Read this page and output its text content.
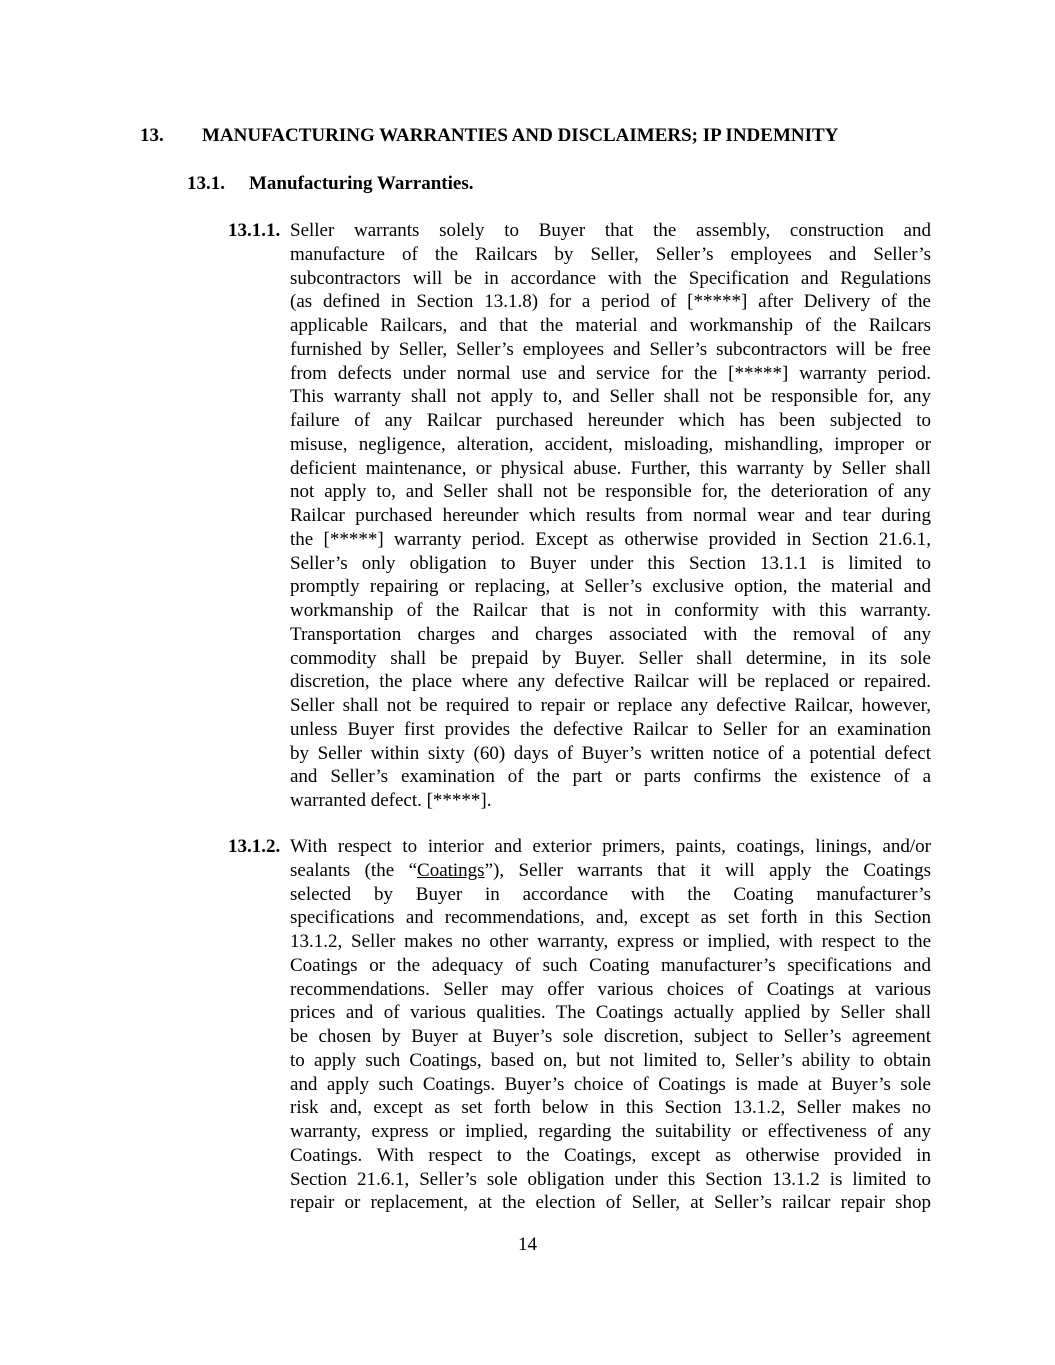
13. MANUFACTURING WARRANTIES AND DISCLAIMERS; IP INDEMNITY
13.1. Manufacturing Warranties.
13.1.1. Seller warrants solely to Buyer that the assembly, construction and
manufacture of the Railcars by Seller, Seller’s employees and Seller’s
subcontractors will be in accordance with the Specification and Regulations
(as defined in Section 13.1.8) for a period of [*****] after Delivery of the
applicable Railcars, and that the material and workmanship of the Railcars
furnished by Seller, Seller’s employees and Seller’s subcontractors will be free
from defects under normal use and service for the [*****] warranty period.
This warranty shall not apply to, and Seller shall not be responsible for, any
failure of any Railcar purchased hereunder which has been subjected to
misuse, negligence, alteration, accident, misloading, mishandling, improper or
deficient maintenance, or physical abuse. Further, this warranty by Seller shall
not apply to, and Seller shall not be responsible for, the deterioration of any
Railcar purchased hereunder which results from normal wear and tear during
the [*****] warranty period. Except as otherwise provided in Section 21.6.1,
Seller’s only obligation to Buyer under this Section 13.1.1 is limited to
promptly repairing or replacing, at Seller’s exclusive option, the material and
workmanship of the Railcar that is not in conformity with this warranty.
Transportation charges and charges associated with the removal of any
commodity shall be prepaid by Buyer. Seller shall determine, in its sole
discretion, the place where any defective Railcar will be replaced or repaired.
Seller shall not be required to repair or replace any defective Railcar, however,
unless Buyer first provides the defective Railcar to Seller for an examination
by Seller within sixty (60) days of Buyer’s written notice of a potential defect
and Seller’s examination of the part or parts confirms the existence of a
warranted defect. [*****].
13.1.2. With respect to interior and exterior primers, paints, coatings, linings, and/or
sealants (the “Coatings”), Seller warrants that it will apply the Coatings
selected by Buyer in accordance with the Coating manufacturer’s
specifications and recommendations, and, except as set forth in this Section
13.1.2, Seller makes no other warranty, express or implied, with respect to the
Coatings or the adequacy of such Coating manufacturer’s specifications and
recommendations. Seller may offer various choices of Coatings at various
prices and of various qualities. The Coatings actually applied by Seller shall
be chosen by Buyer at Buyer’s sole discretion, subject to Seller’s agreement
to apply such Coatings, based on, but not limited to, Seller’s ability to obtain
and apply such Coatings. Buyer’s choice of Coatings is made at Buyer’s sole
risk and, except as set forth below in this Section 13.1.2, Seller makes no
warranty, express or implied, regarding the suitability or effectiveness of any
Coatings. With respect to the Coatings, except as otherwise provided in
Section 21.6.1, Seller’s sole obligation under this Section 13.1.2 is limited to
repair or replacement, at the election of Seller, at Seller’s railcar repair shop
14
